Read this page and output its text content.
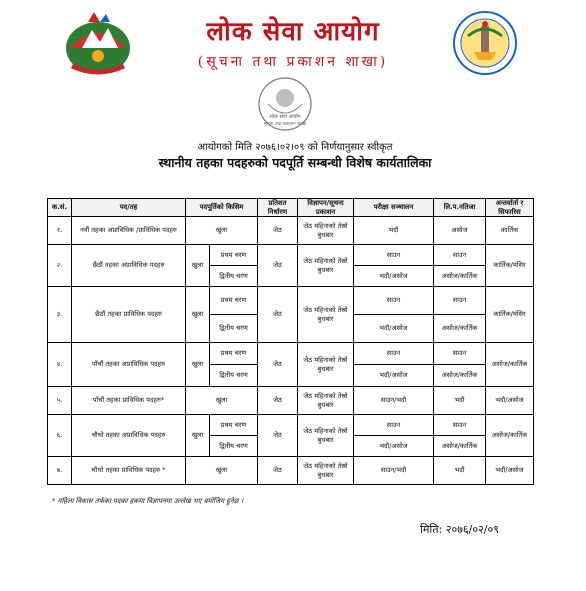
लोक सेवा आयोग
(सूचना तथा प्रकाशन शाखा)
लोक सेवा आयोग
सूचना तथा प्रकाशन शाखा
आयोगको मिति २०७६।०२।०९ को निर्णयानुसार स्वीकृत
स्थानीय तहका पदहरुको पदपूर्ति सम्बन्धी विशेष कार्यतालिका
क.सं.	पद/तह	पदपूर्तिको किसिम		प्रतिशत निर्धारण	विज्ञापन/सूचना प्रकाशन	परीक्षा सञ्चालन	लि.प.नतिजा	अन्तर्वार्ता र सिफारिस
१.	नवौं तहका अप्राविधिक /प्राविधिक पदहरु	खुला		जेठ	जेठ महिनाको तेस्रो बुधबार	भदौ	असोज	कार्तिक
२.	छैठौं तहका अप्राविधिक पदहरु	खुला	प्रथम चरण	जेठ	जेठ महिनाको तेस्रो बुधबार	साउन	साउन	कार्तिक/मंसिर
			द्वितीय चरण			भदौ/असोज	असोज/कार्तिक	
३.	छैठौं तहका प्राविधिक पदहरु	खुला	प्रथम चरण	जेठ	जेठ महिनाको तेस्रो बुधबार	साउन	साउन	कार्तिक/मंसिर
			द्वितीय चरण			भदौ/असोज	असोज/कार्तिक	
४.	पाँचौं तहका अप्राविधिक पदहरु	खुला	प्रथम चरण	जेठ	जेठ महिनाको तेस्रो बुधबार	साउन	साउन	असोज/कार्तिक
			द्वितीय चरण			भदौ/असोज	असोज/कार्तिक	
५.	पाँचौं तहका प्राविधिक पदहरु*	खुला		जेठ	जेठ महिनाको तेस्रो बुधबार	साउन/भदौ	भदौ	भदौ/असोज
६.	चौथो तहका अप्राविधिक पदहरु	खुला	प्रथम चरण	जेठ	जेठ महिनाको तेस्रो बुधबार	साउन	साउन	असोज/कार्तिक
			द्वितीय चरण			भदौ/असोज	असोज/कार्तिक	
७.	चौथो तहका प्राविधिक पदहरु *	खुला		जेठ	जेठ महिनाको तेस्रो बुधबार	साउन/भदौ	भदौ	भदौ/असोज
* महिला विकास तर्फका पदका हकमा विज्ञापनमा उल्लेख भए बमोजिम हुनेछ ।
मिति: २०७६/०२/०९
